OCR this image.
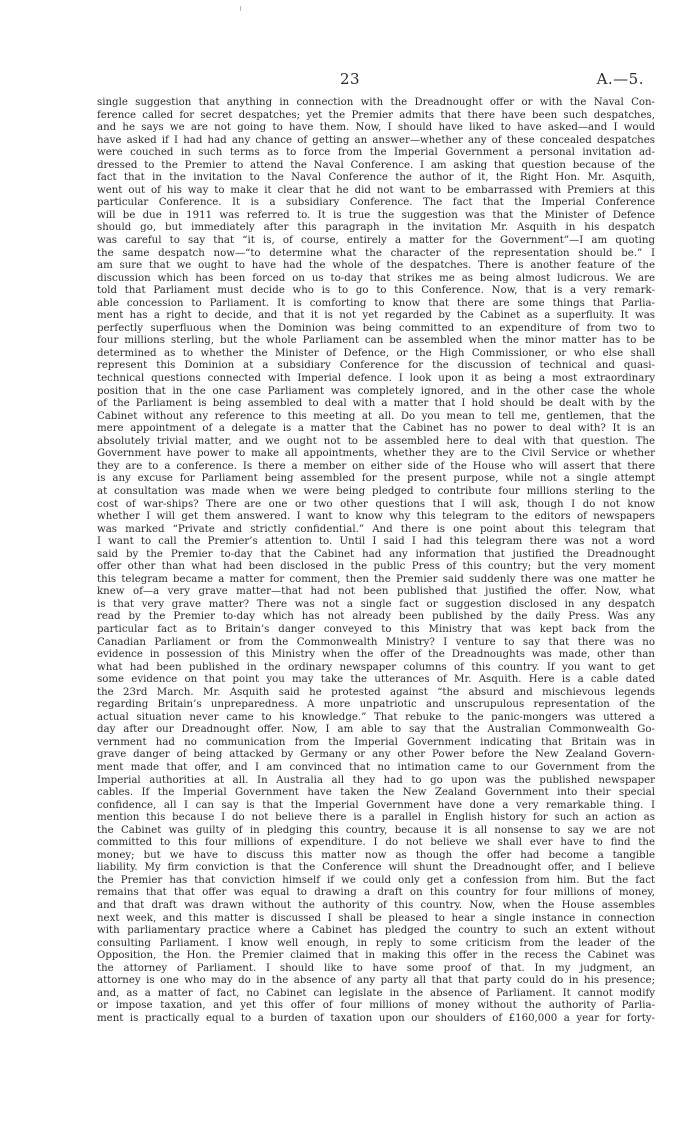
23	A.—5.
single suggestion that anything in connection with the Dreadnought offer or with the Naval Con-
ference called for secret despatches; yet the Premier admits that there have been such despatches,
and he says we are not going to have them. Now, I should have liked to have asked—and I would
have asked if I had had any chance of getting an answer—whether any of these concealed despatches
were couched in such terms as to force from the Imperial Government a personal invitation ad-
dressed to the Premier to attend the Naval Conference. I am asking that question because of the
fact that in the invitation to the Naval Conference the author of it, the Right Hon. Mr. Asquith,
went out of his way to make it clear that he did not want to be embarrassed with Premiers at this
particular Conference. It is a subsidiary Conference. The fact that the Imperial Conference
will be due in 1911 was referred to. It is true the suggestion was that the Minister of Defence
should go, but immediately after this paragraph in the invitation Mr. Asquith in his despatch
was careful to say that “it is, of course, entirely a matter for the Government”—I am quoting
the same despatch now—“to determine what the character of the representation should be.” I
am sure that we ought to have had the whole of the despatches. There is another feature of the
discussion which has been forced on us to-day that strikes me as being almost ludicrous. We are
told that Parliament must decide who is to go to this Conference. Now, that is a very remark-
able concession to Parliament. It is comforting to know that there are some things that Parlia-
ment has a right to decide, and that it is not yet regarded by the Cabinet as a superfluity. It was
perfectly superfluous when the Dominion was being committed to an expenditure of from two to
four millions sterling, but the whole Parliament can be assembled when the minor matter has to be
determined as to whether the Minister of Defence, or the High Commissioner, or who else shall
represent this Dominion at a subsidiary Conference for the discussion of technical and quasi-
technical questions connected with Imperial defence. I look upon it as being a most extraordinary
position that in the one case Parliament was completely ignored, and in the other case the whole
of the Parliament is being assembled to deal with a matter that I hold should be dealt with by the
Cabinet without any reference to this meeting at all. Do you mean to tell me, gentlemen, that the
mere appointment of a delegate is a matter that the Cabinet has no power to deal with? It is an
absolutely trivial matter, and we ought not to be assembled here to deal with that question. The
Government have power to make all appointments, whether they are to the Civil Service or whether
they are to a conference. Is there a member on either side of the House who will assert that there
is any excuse for Parliament being assembled for the present purpose, while not a single attempt
at consultation was made when we were being pledged to contribute four millions sterling to the
cost of war-ships? There are one or two other questions that I will ask, though I do not know
whether I will get them answered. I want to know why this telegram to the editors of newspapers
was marked “Private and strictly confidential.” And there is one point about this telegram that
I want to call the Premier’s attention to. Until I said I had this telegram there was not a word
said by the Premier to-day that the Cabinet had any information that justified the Dreadnought
offer other than what had been disclosed in the public Press of this country; but the very moment
this telegram became a matter for comment, then the Premier said suddenly there was one matter he
knew of—a very grave matter—that had not been published that justified the offer. Now, what
is that very grave matter? There was not a single fact or suggestion disclosed in any despatch
read by the Premier to-day which has not already been published by the daily Press. Was any
particular fact as to Britain’s danger conveyed to this Ministry that was kept back from the
Canadian Parliament or from the Commonwealth Ministry? I venture to say that there was no
evidence in possession of this Ministry when the offer of the Dreadnoughts was made, other than
what had been published in the ordinary newspaper columns of this country. If you want to get
some evidence on that point you may take the utterances of Mr. Asquith. Here is a cable dated
the 23rd March. Mr. Asquith said he protested against “the absurd and mischievous legends
regarding Britain’s unpreparedness. A more unpatriotic and unscrupulous representation of the
actual situation never came to his knowledge.” That rebuke to the panic-mongers was uttered a
day after our Dreadnought offer. Now, I am able to say that the Australian Commonwealth Go-
vernment had no communication from the Imperial Government indicating that Britain was in
grave danger of being attacked by Germany or any other Power before the New Zealand Govern-
ment made that offer, and I am convinced that no intimation came to our Government from the
Imperial authorities at all. In Australia all they had to go upon was the published newspaper
cables. If the Imperial Government have taken the New Zealand Government into their special
confidence, all I can say is that the Imperial Government have done a very remarkable thing. I
mention this because I do not believe there is a parallel in English history for such an action as
the Cabinet was guilty of in pledging this country, because it is all nonsense to say we are not
committed to this four millions of expenditure. I do not believe we shall ever have to find the
money; but we have to discuss this matter now as though the offer had become a tangible
liability. My firm conviction is that the Conference will shunt the Dreadnought offer, and I believe
the Premier has that conviction himself if we could only get a confession from him. But the fact
remains that that offer was equal to drawing a draft on this country for four millions of money,
and that draft was drawn without the authority of this country. Now, when the House assembles
next week, and this matter is discussed I shall be pleased to hear a single instance in connection
with parliamentary practice where a Cabinet has pledged the country to such an extent without
consulting Parliament. I know well enough, in reply to some criticism from the leader of the
Opposition, the Hon. the Premier claimed that in making this offer in the recess the Cabinet was
the attorney of Parliament. I should like to have some proof of that. In my judgment, an
attorney is one who may do in the absence of any party all that that party could do in his presence;
and, as a matter of fact, no Cabinet can legislate in the absence of Parliament. It cannot modify
or impose taxation, and yet this offer of four millions of money without the authority of Parlia-
ment is practically equal to a burden of taxation upon our shoulders of £160,000 a year for forty-
